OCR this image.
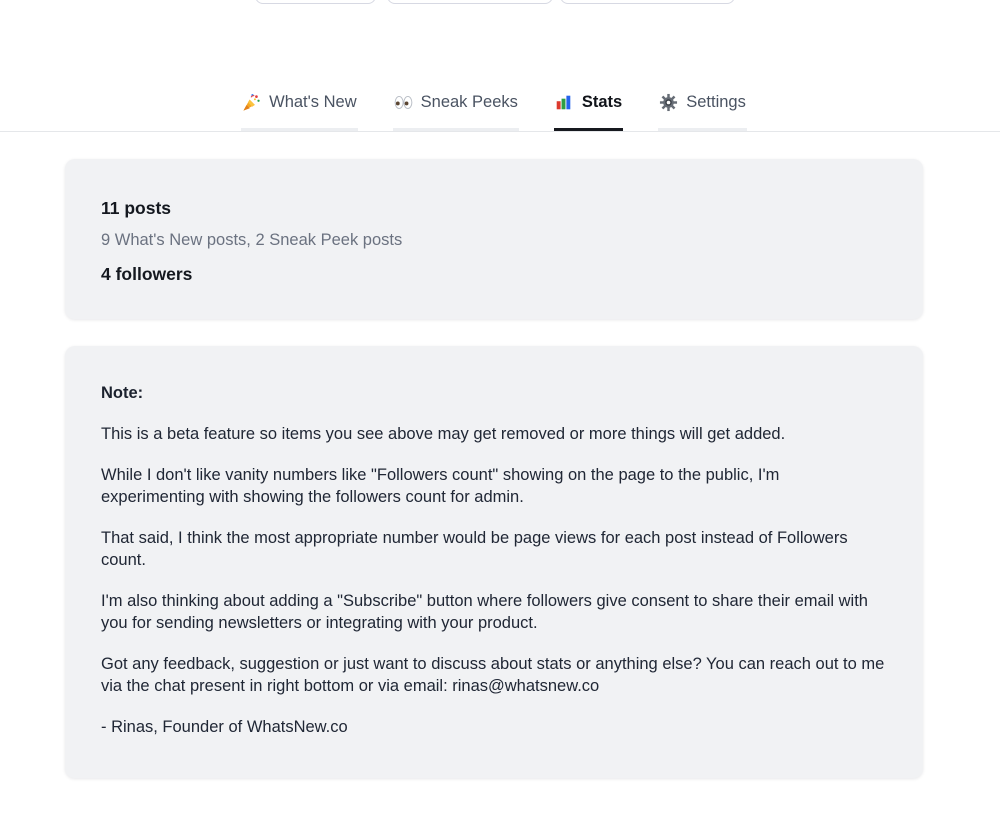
What's New	Sneak Peeks	Stats	Settings
11 posts
9 What's New posts, 2 Sneak Peek posts
4 followers
Note:

This is a beta feature so items you see above may get removed or more things will get added.

While I don't like vanity numbers like "Followers count" showing on the page to the public, I'm experimenting with showing the followers count for admin.

That said, I think the most appropriate number would be page views for each post instead of Followers count.

I'm also thinking about adding a "Subscribe" button where followers give consent to share their email with you for sending newsletters or integrating with your product.

Got any feedback, suggestion or just want to discuss about stats or anything else? You can reach out to me via the chat present in right bottom or via email: rinas@whatsnew.co

- Rinas, Founder of WhatsNew.co
